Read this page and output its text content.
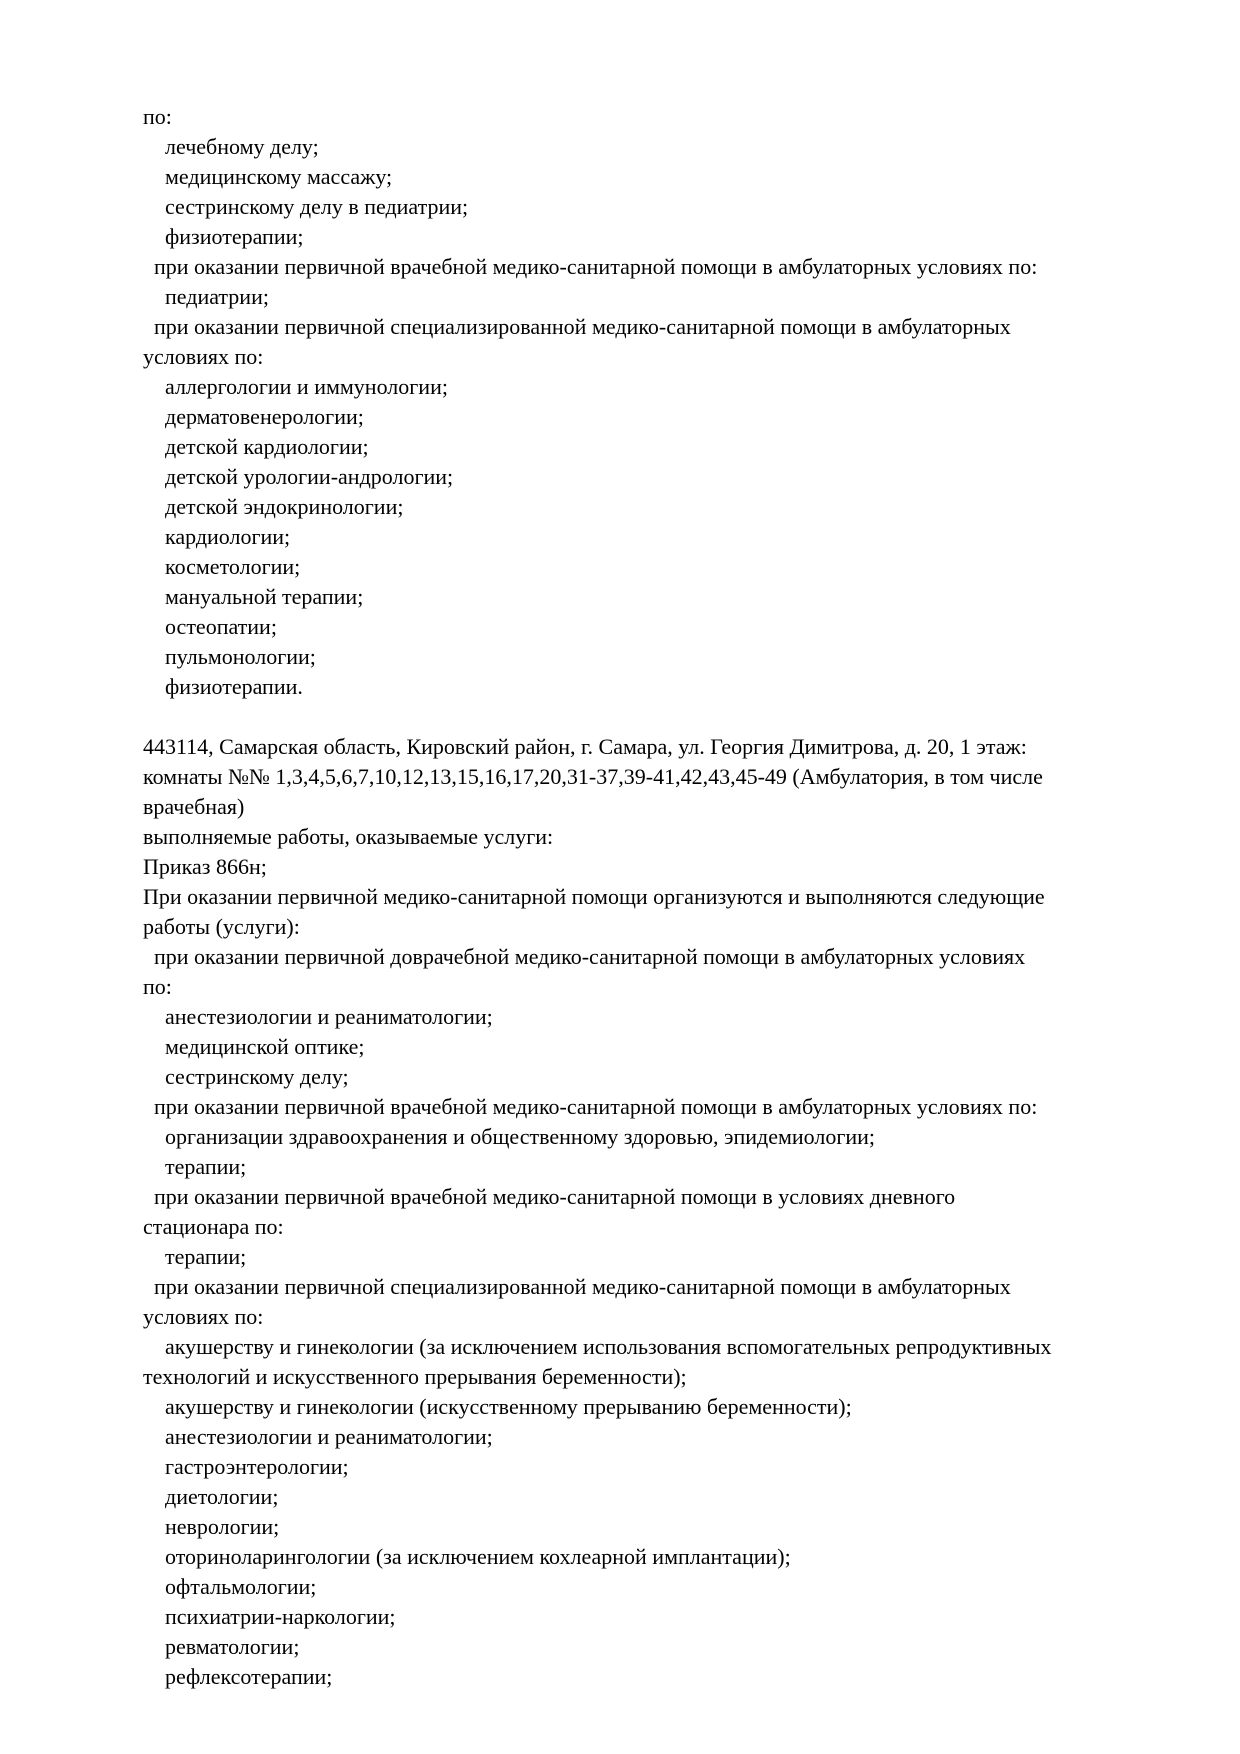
по:
лечебному делу;
медицинскому массажу;
сестринскому делу в педиатрии;
физиотерапии;
при оказании первичной врачебной медико-санитарной помощи в амбулаторных условиях по:
педиатрии;
при оказании первичной специализированной медико-санитарной помощи в амбулаторных
условиях по:
аллергологии и иммунологии;
дерматовенерологии;
детской кардиологии;
детской урологии-андрологии;
детской эндокринологии;
кардиологии;
косметологии;
мануальной терапии;
остеопатии;
пульмонологии;
физиотерапии.
443114, Самарская область, Кировский район, г. Самара, ул. Георгия Димитрова, д. 20, 1 этаж:
комнаты №№ 1,3,4,5,6,7,10,12,13,15,16,17,20,31-37,39-41,42,43,45-49 (Амбулатория, в том числе
врачебная)
выполняемые работы, оказываемые услуги:
Приказ 866н;
При оказании первичной медико-санитарной помощи организуются и выполняются следующие
работы (услуги):
при оказании первичной доврачебной медико-санитарной помощи в амбулаторных условиях
по:
анестезиологии и реаниматологии;
медицинской оптике;
сестринскому делу;
при оказании первичной врачебной медико-санитарной помощи в амбулаторных условиях по:
организации здравоохранения и общественному здоровью, эпидемиологии;
терапии;
при оказании первичной врачебной медико-санитарной помощи в условиях дневного
стационара по:
терапии;
при оказании первичной специализированной медико-санитарной помощи в амбулаторных
условиях по:
акушерству и гинекологии (за исключением использования вспомогательных репродуктивных
технологий и искусственного прерывания беременности);
акушерству и гинекологии (искусственному прерыванию беременности);
анестезиологии и реаниматологии;
гастроэнтерологии;
диетологии;
неврологии;
оториноларингологии (за исключением кохлеарной имплантации);
офтальмологии;
психиатрии-наркологии;
ревматологии;
рефлексотерапии;
